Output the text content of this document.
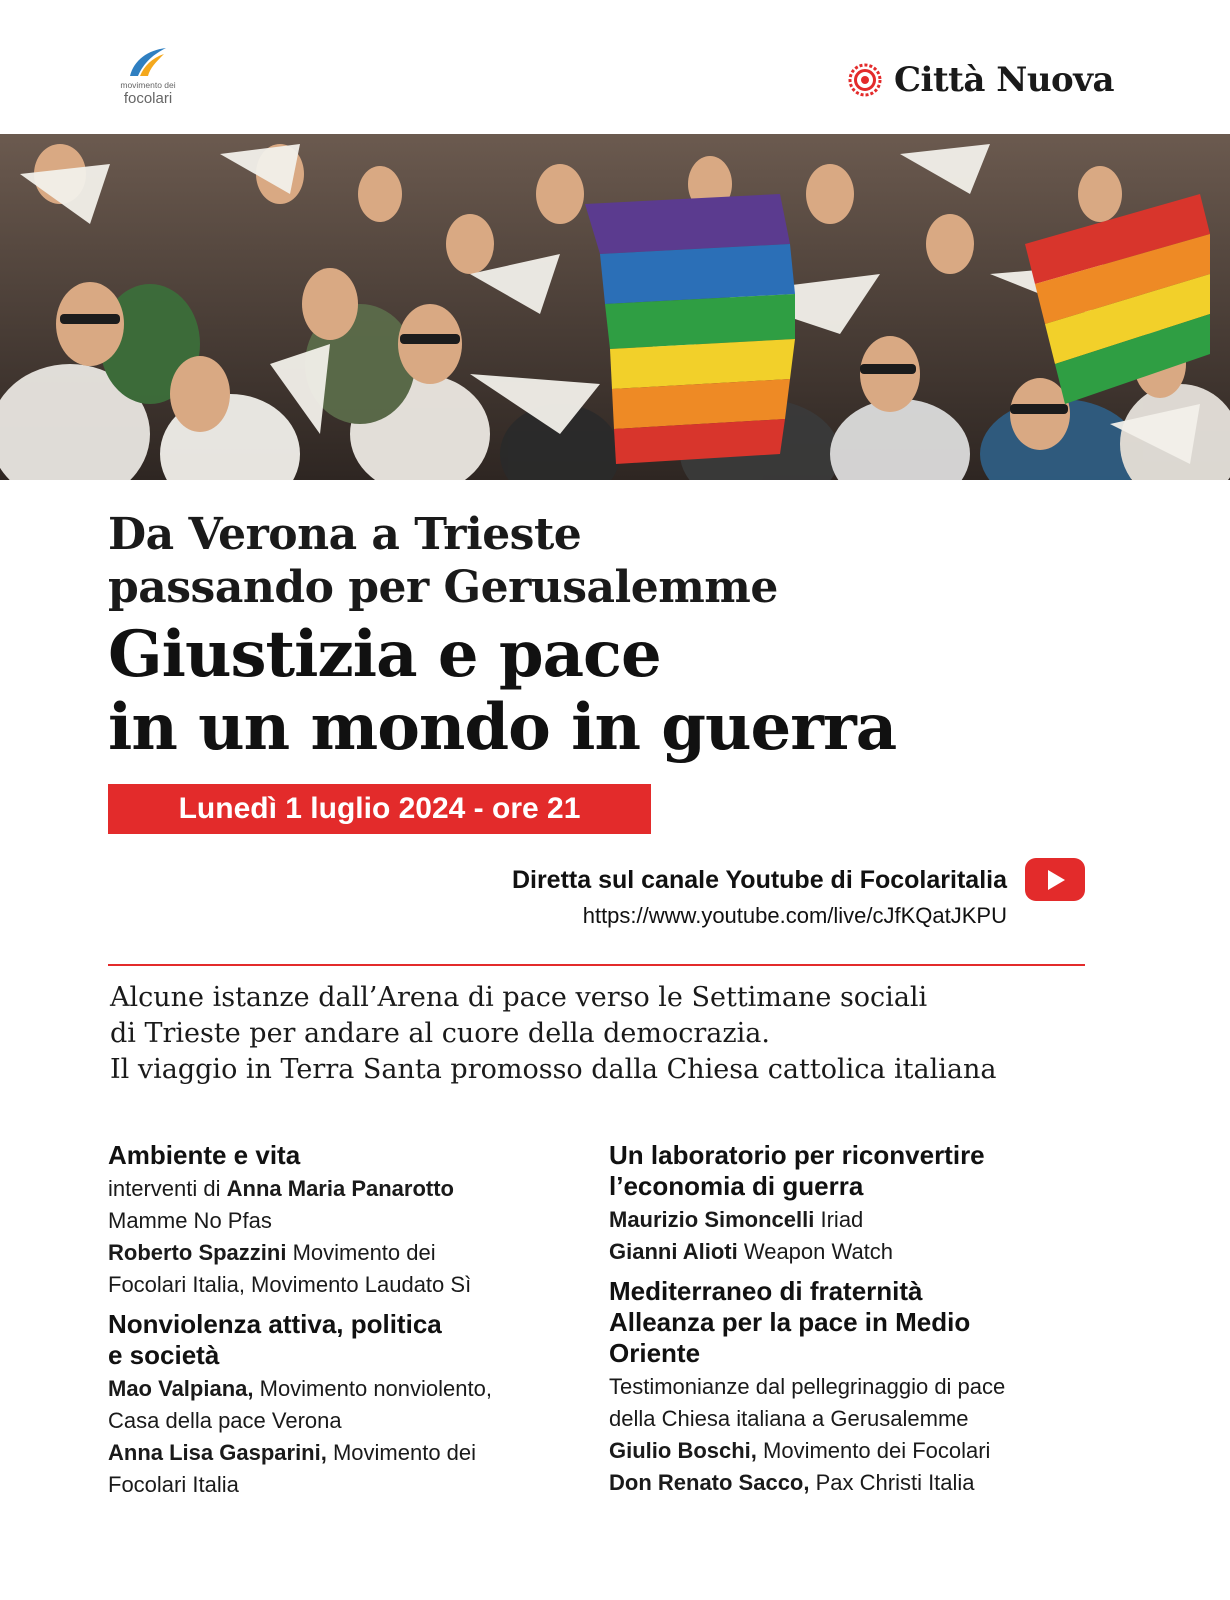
movimento dei
focolari	Città Nuova
Da Verona a Trieste
passando per Gerusalemme
Giustizia e pace
in un mondo in guerra
Lunedì 1 luglio 2024 - ore 21
Diretta sul canale Youtube di Focolaritalia
https://www.youtube.com/live/cJfKQatJKPU
Alcune istanze dall’Arena di pace verso le Settimane sociali
di Trieste per andare al cuore della democrazia.
Il viaggio in Terra Santa promosso dalla Chiesa cattolica italiana
Ambiente e vita
interventi di Anna Maria Panarotto
Mamme No Pfas
Roberto Spazzini Movimento dei
Focolari Italia, Movimento Laudato Sì
Nonviolenza attiva, politica
e società
Mao Valpiana, Movimento nonviolento,
Casa della pace Verona
Anna Lisa Gasparini, Movimento dei
Focolari Italia
Un laboratorio per riconvertire
l’economia di guerra
Maurizio Simoncelli Iriad
Gianni Alioti Weapon Watch
Mediterraneo di fraternità
Alleanza per la pace in Medio
Oriente
Testimonianze dal pellegrinaggio di pace
della Chiesa italiana a Gerusalemme
Giulio Boschi, Movimento dei Focolari
Don Renato Sacco, Pax Christi Italia
